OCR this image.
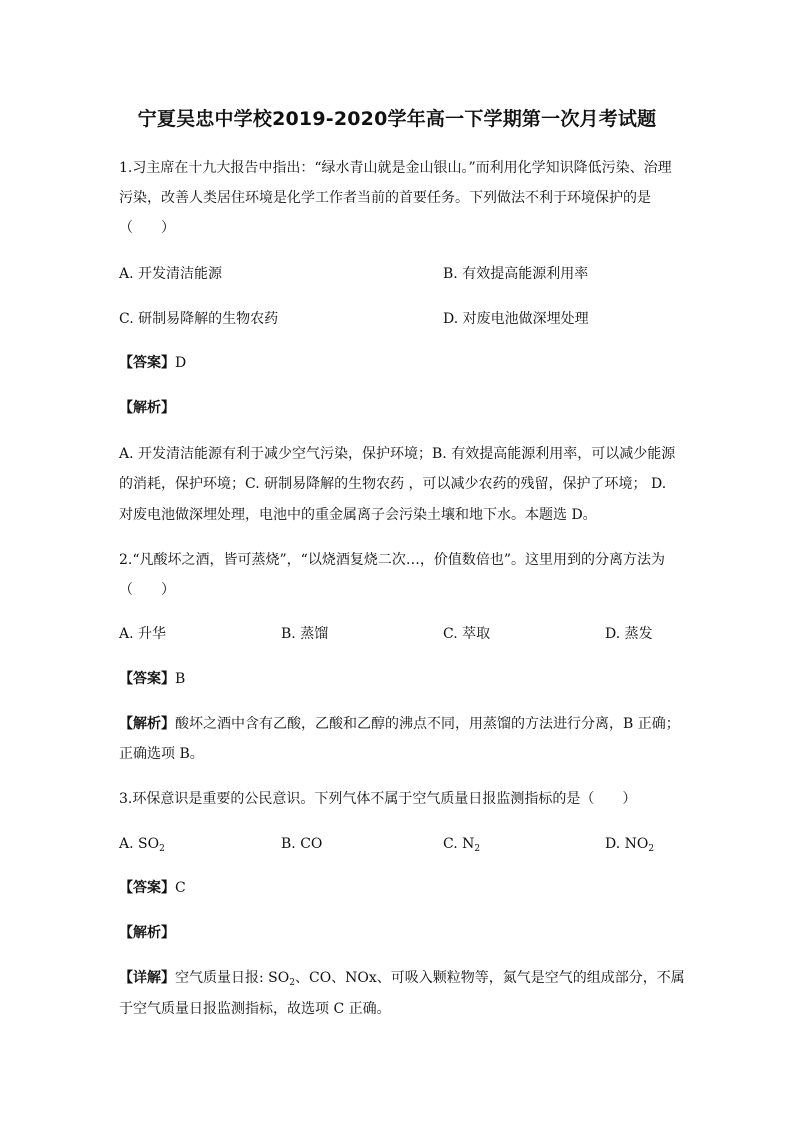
宁夏吴忠中学校2019-2020学年高一下学期第一次月考试题
1.习主席在十九大报告中指出：“绿水青山就是金山银山。”而利用化学知识降低污染、治理
污染，改善人类居住环境是化学工作者当前的首要任务。下列做法不利于环境保护的是
（　　）
A. 开发清洁能源	B. 有效提高能源利用率
C. 研制易降解的生物农药	D. 对废电池做深埋处理
【答案】D
【解析】
A. 开发清洁能源有利于减少空气污染，保护环境；B. 有效提高能源利用率，可以减少能源
的消耗，保护环境；C. 研制易降解的生物农药 ，可以减少农药的残留，保护了环境； D.
对废电池做深埋处理，电池中的重金属离子会污染土壤和地下水。本题选 D。
2.“凡酸坏之酒，皆可蒸烧”，“以烧酒复烧二次…，价值数倍也”。这里用到的分离方法为
（　　）
A. 升华	B. 蒸馏	C. 萃取	D. 蒸发
【答案】B
【解析】酸坏之酒中含有乙酸，乙酸和乙醇的沸点不同，用蒸馏的方法进行分离，B 正确；
正确选项 B。
3.环保意识是重要的公民意识。下列气体不属于空气质量日报监测指标的是（　　）
A. $SO_2$	B. CO	C. $N_2$	D. $NO_2$
【答案】C
【解析】
【详解】空气质量日报: $SO_2$、CO、NOx、可吸入颗粒物等，氮气是空气的组成部分，不属
于空气质量日报监测指标，故选项 C 正确。
